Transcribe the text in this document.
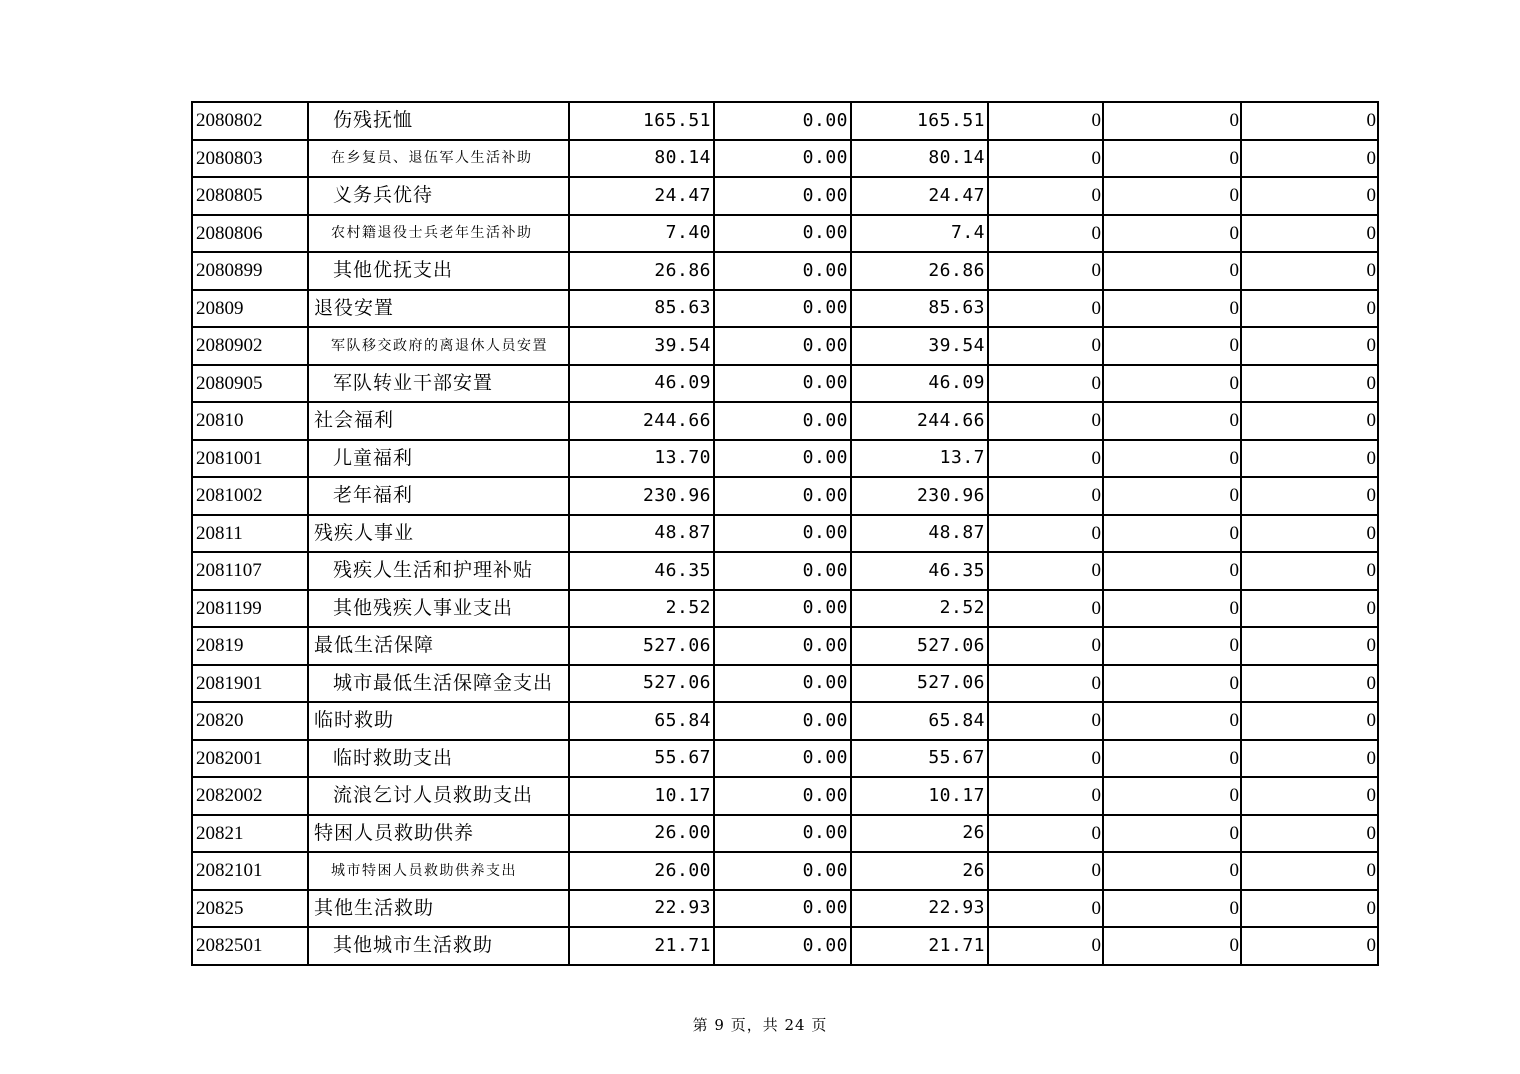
2080802	伤残抚恤	165.51	0.00	165.51	0	0	0
2080803	在乡复员、退伍军人生活补助	80.14	0.00	80.14	0	0	0
2080805	义务兵优待	24.47	0.00	24.47	0	0	0
2080806	农村籍退役士兵老年生活补助	7.40	0.00	7.4	0	0	0
2080899	其他优抚支出	26.86	0.00	26.86	0	0	0
20809	退役安置	85.63	0.00	85.63	0	0	0
2080902	军队移交政府的离退休人员安置	39.54	0.00	39.54	0	0	0
2080905	军队转业干部安置	46.09	0.00	46.09	0	0	0
20810	社会福利	244.66	0.00	244.66	0	0	0
2081001	儿童福利	13.70	0.00	13.7	0	0	0
2081002	老年福利	230.96	0.00	230.96	0	0	0
20811	残疾人事业	48.87	0.00	48.87	0	0	0
2081107	残疾人生活和护理补贴	46.35	0.00	46.35	0	0	0
2081199	其他残疾人事业支出	2.52	0.00	2.52	0	0	0
20819	最低生活保障	527.06	0.00	527.06	0	0	0
2081901	城市最低生活保障金支出	527.06	0.00	527.06	0	0	0
20820	临时救助	65.84	0.00	65.84	0	0	0
2082001	临时救助支出	55.67	0.00	55.67	0	0	0
2082002	流浪乞讨人员救助支出	10.17	0.00	10.17	0	0	0
20821	特困人员救助供养	26.00	0.00	26	0	0	0
2082101	城市特困人员救助供养支出	26.00	0.00	26	0	0	0
20825	其他生活救助	22.93	0.00	22.93	0	0	0
2082501	其他城市生活救助	21.71	0.00	21.71	0	0	0
第 9 页，共 24 页
